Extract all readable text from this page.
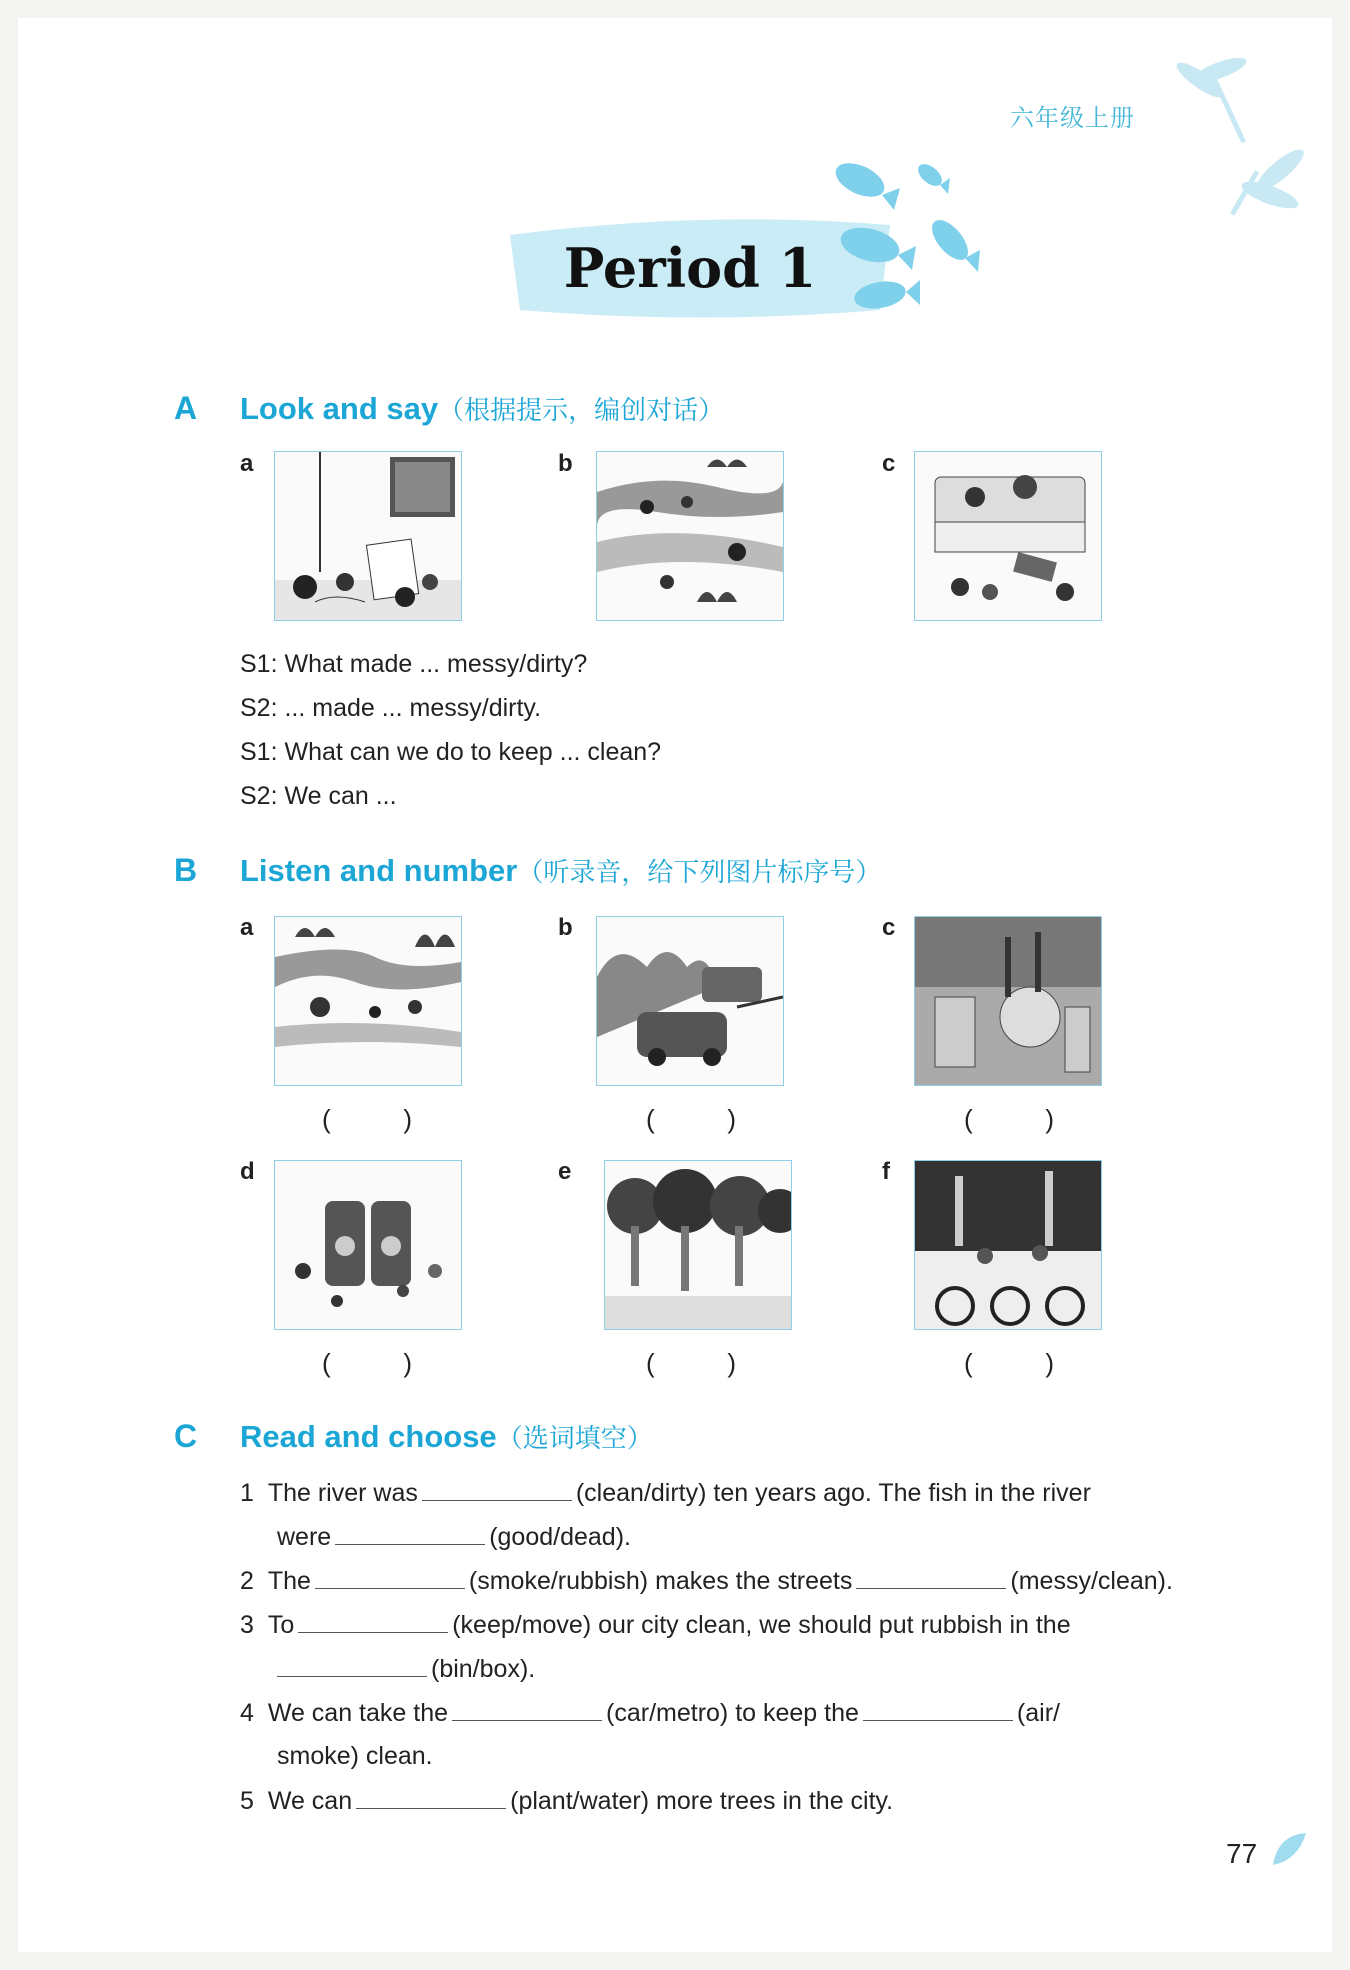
六年级上册
Period 1
A Look and say（根据提示，编创对话）
a	b	c
S1: What made ... messy/dirty?
S2: ... made ... messy/dirty.
S1: What can we do to keep ... clean?
S2: We can ...
B Listen and number（听录音，给下列图片标序号）
a
(	)
b
(	)
c
(	)
d
(	)
e
(	)
f
(	)
C Read and choose（选词填空）
1 The river was	(clean/dirty) ten years ago. The fish in the river
were	(good/dead).
2 The	(smoke/rubbish) makes the streets	(messy/clean).
3 To	(keep/move) our city clean, we should put rubbish in the
(bin/box).
4 We can take the	(car/metro) to keep the	(air/
smoke) clean.
5 We can	(plant/water) more trees in the city.
77
